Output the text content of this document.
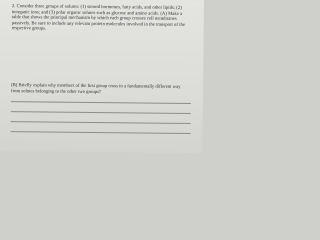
2. Consider three groups of solutes: (1) steroid hormones, fatty acids, and other lipids; (2) inorganic ions; and (3) polar organic solutes such as glucose and amino acids. (A) Make a table that shows the principal mechanism by which each group crosses cell membranes passively. Be sure to include any relevant protein molecules involved in the transport of the respective groups.
(B) Briefly explain why members of the first group cross in a fundamentally different way from solutes belonging to the other two groups?
